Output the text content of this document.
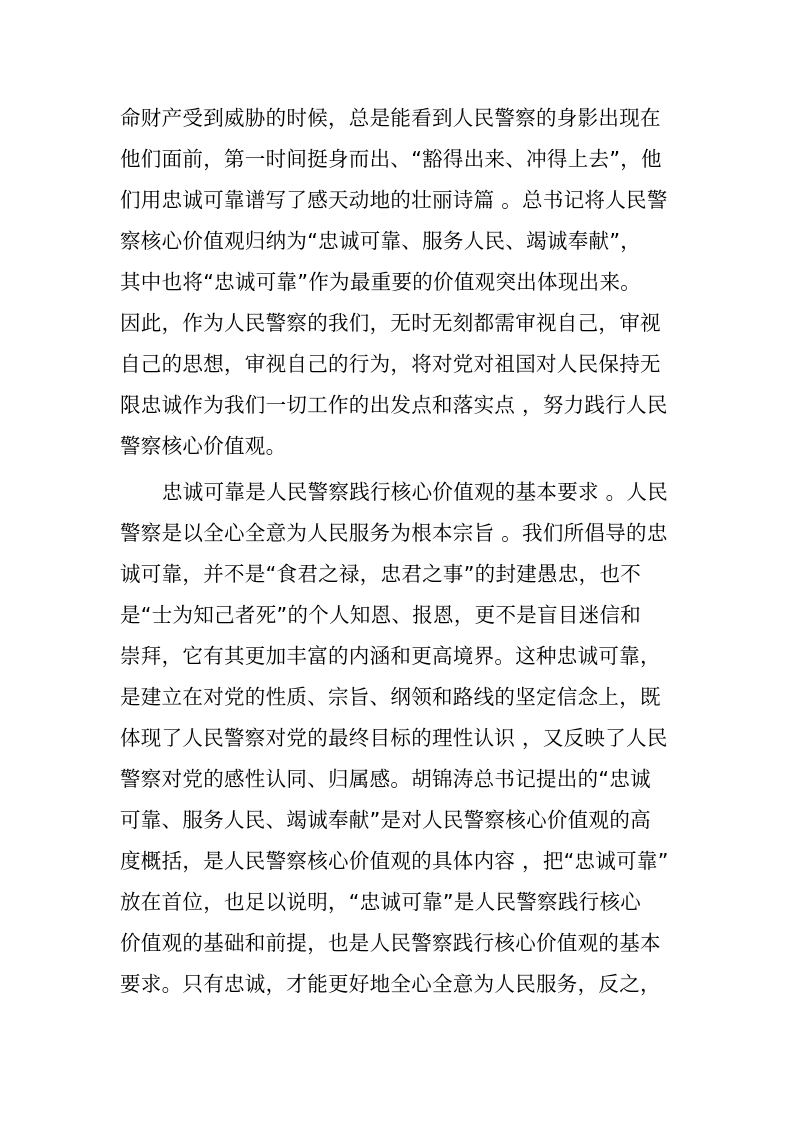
命财产受到威胁的时候，总是能看到人民警察的身影出现在
他们面前，第一时间挺身而出、“豁得出来、冲得上去”，他
们用忠诚可靠谱写了感天动地的壮丽诗篇 。总书记将人民警
察核心价值观归纳为“忠诚可靠、服务人民、竭诚奉献”，
其中也将“忠诚可靠”作为最重要的价值观突出体现出来。
因此，作为人民警察的我们，无时无刻都需审视自己，审视
自己的思想，审视自己的行为，将对党对祖国对人民保持无
限忠诚作为我们一切工作的出发点和落实点 ，努力践行人民
警察核心价值观。
忠诚可靠是人民警察践行核心价值观的基本要求 。人民
警察是以全心全意为人民服务为根本宗旨 。我们所倡导的忠
诚可靠，并不是“食君之禄，忠君之事”的封建愚忠，也不
是“士为知己者死”的个人知恩、报恩，更不是盲目迷信和
崇拜，它有其更加丰富的内涵和更高境界。这种忠诚可靠，
是建立在对党的性质、宗旨、纲领和路线的坚定信念上，既
体现了人民警察对党的最终目标的理性认识 ，又反映了人民
警察对党的感性认同、归属感。胡锦涛总书记提出的“忠诚
可靠、服务人民、竭诚奉献”是对人民警察核心价值观的高
度概括，是人民警察核心价值观的具体内容 ，把“忠诚可靠”
放在首位，也足以说明，“忠诚可靠”是人民警察践行核心
价值观的基础和前提，也是人民警察践行核心价值观的基本
要求。只有忠诚，才能更好地全心全意为人民服务，反之，
